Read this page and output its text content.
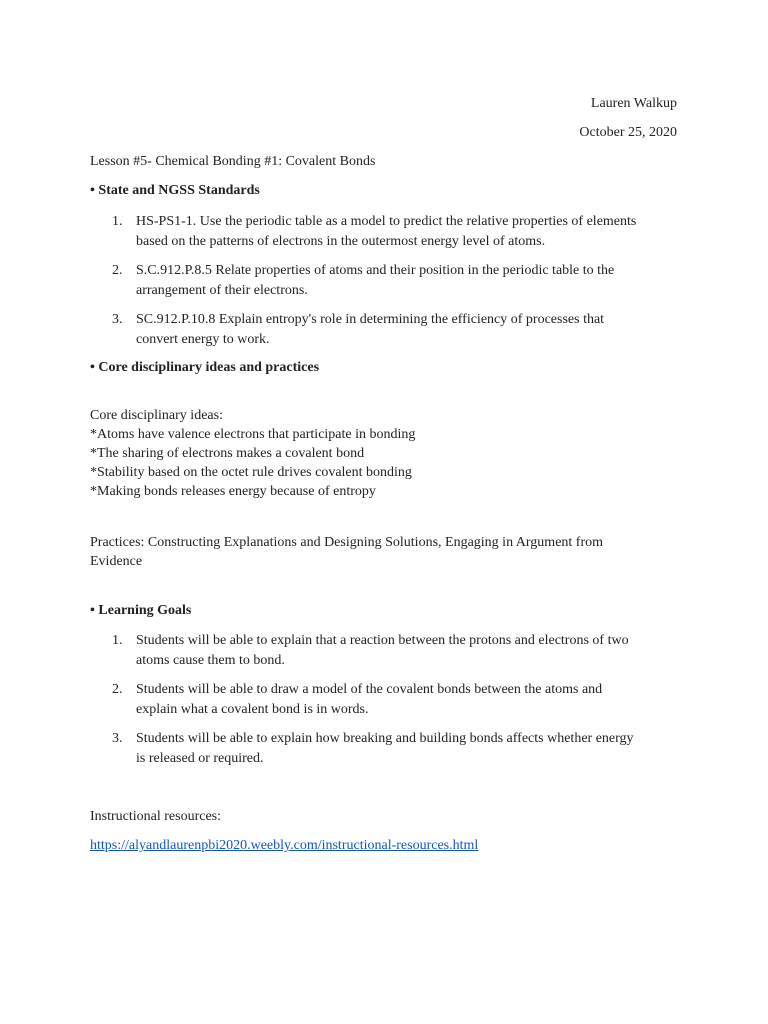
Lauren Walkup
October 25, 2020
Lesson #5- Chemical Bonding #1: Covalent Bonds
• State and NGSS Standards
1. HS-PS1-1. Use the periodic table as a model to predict the relative properties of elements
based on the patterns of electrons in the outermost energy level of atoms.
2. S.C.912.P.8.5 Relate properties of atoms and their position in the periodic table to the
arrangement of their electrons.
3. SC.912.P.10.8 Explain entropy's role in determining the efficiency of processes that
convert energy to work.
• Core disciplinary ideas and practices
Core disciplinary ideas:
*Atoms have valence electrons that participate in bonding
*The sharing of electrons makes a covalent bond
*Stability based on the octet rule drives covalent bonding
*Making bonds releases energy because of entropy
Practices: Constructing Explanations and Designing Solutions, Engaging in Argument from
Evidence
• Learning Goals
1. Students will be able to explain that a reaction between the protons and electrons of two
atoms cause them to bond.
2. Students will be able to draw a model of the covalent bonds between the atoms and
explain what a covalent bond is in words.
3. Students will be able to explain how breaking and building bonds affects whether energy
is released or required.
Instructional resources:
https://alyandlaurenpbi2020.weebly.com/instructional-resources.html
